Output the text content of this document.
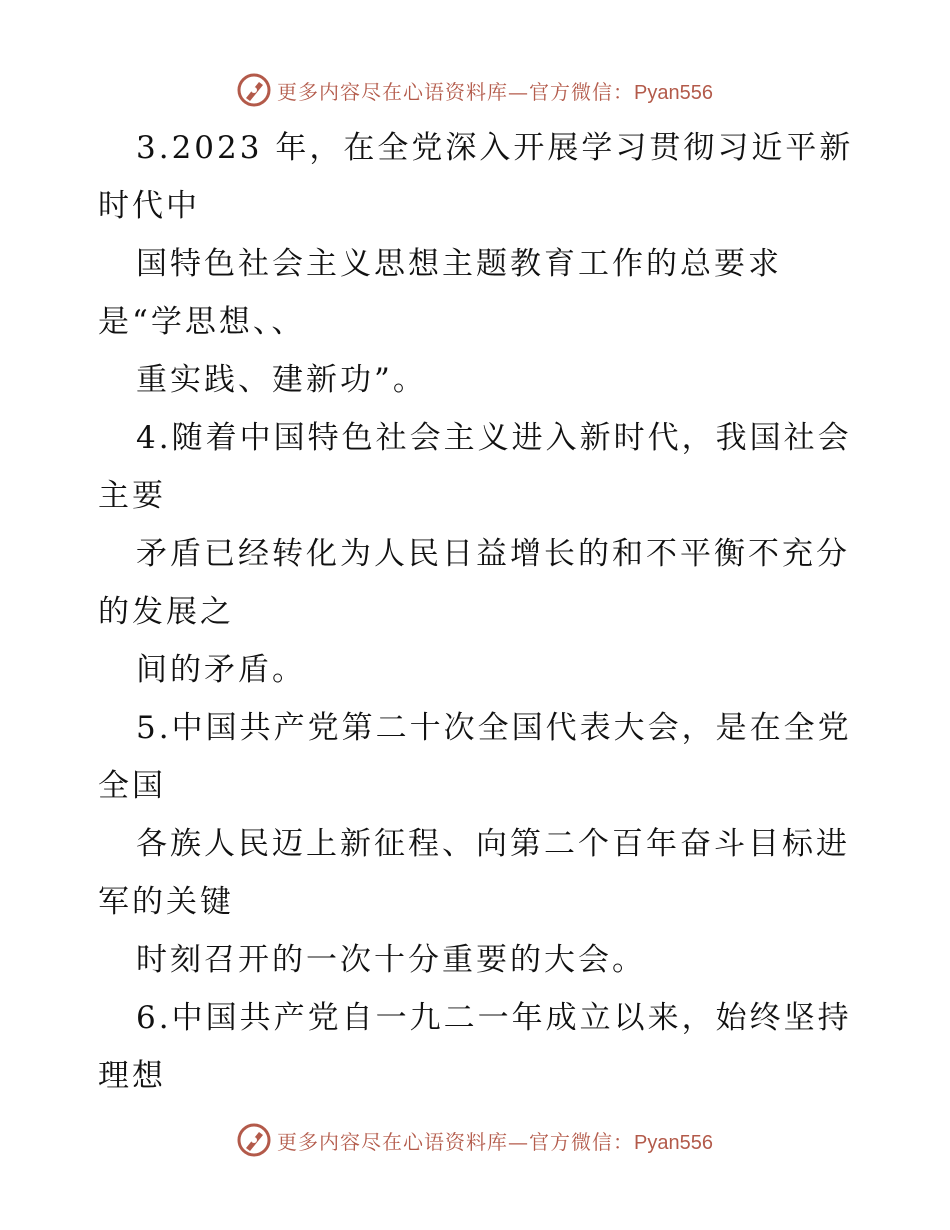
更多内容尽在心语资料库—官方微信：Pyan556
3.2023 年，在全党深入开展学习贯彻习近平新
时代中
国特色社会主义思想主题教育工作的总要求
是“学思想、、
重实践、建新功”。
4.随着中国特色社会主义进入新时代，我国社会
主要
矛盾已经转化为人民日益增长的和不平衡不充分
的发展之
间的矛盾。
5.中国共产党第二十次全国代表大会，是在全党
全国
各族人民迈上新征程、向第二个百年奋斗目标进
军的关键
时刻召开的一次十分重要的大会。
6.中国共产党自一九二一年成立以来，始终坚持
理想
更多内容尽在心语资料库—官方微信：Pyan556
